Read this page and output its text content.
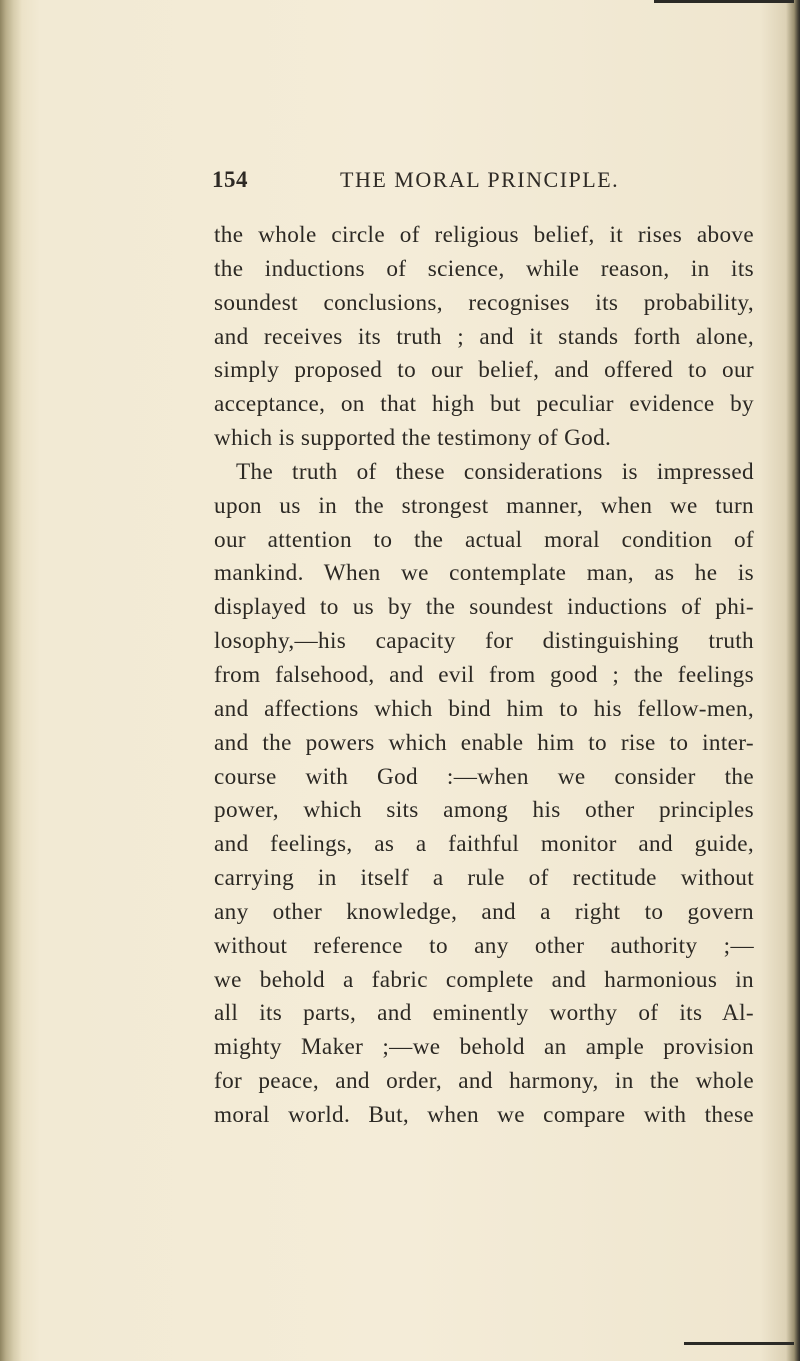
154	THE MORAL PRINCIPLE.
the whole circle of religious belief, it rises above
the inductions of science, while reason, in its
soundest conclusions, recognises its probability,
and receives its truth ; and it stands forth alone,
simply proposed to our belief, and offered to our
acceptance, on that high but peculiar evidence by
which is supported the testimony of God.
The truth of these considerations is impressed
upon us in the strongest manner, when we turn
our attention to the actual moral condition of
mankind. When we contemplate man, as he is
displayed to us by the soundest inductions of phi-
losophy,—his capacity for distinguishing truth
from falsehood, and evil from good ; the feelings
and affections which bind him to his fellow-men,
and the powers which enable him to rise to inter-
course with God :—when we consider the
power, which sits among his other principles
and feelings, as a faithful monitor and guide,
carrying in itself a rule of rectitude without
any other knowledge, and a right to govern
without reference to any other authority ;—
we behold a fabric complete and harmonious in
all its parts, and eminently worthy of its Al-
mighty Maker ;—we behold an ample provision
for peace, and order, and harmony, in the whole
moral world. But, when we compare with these
